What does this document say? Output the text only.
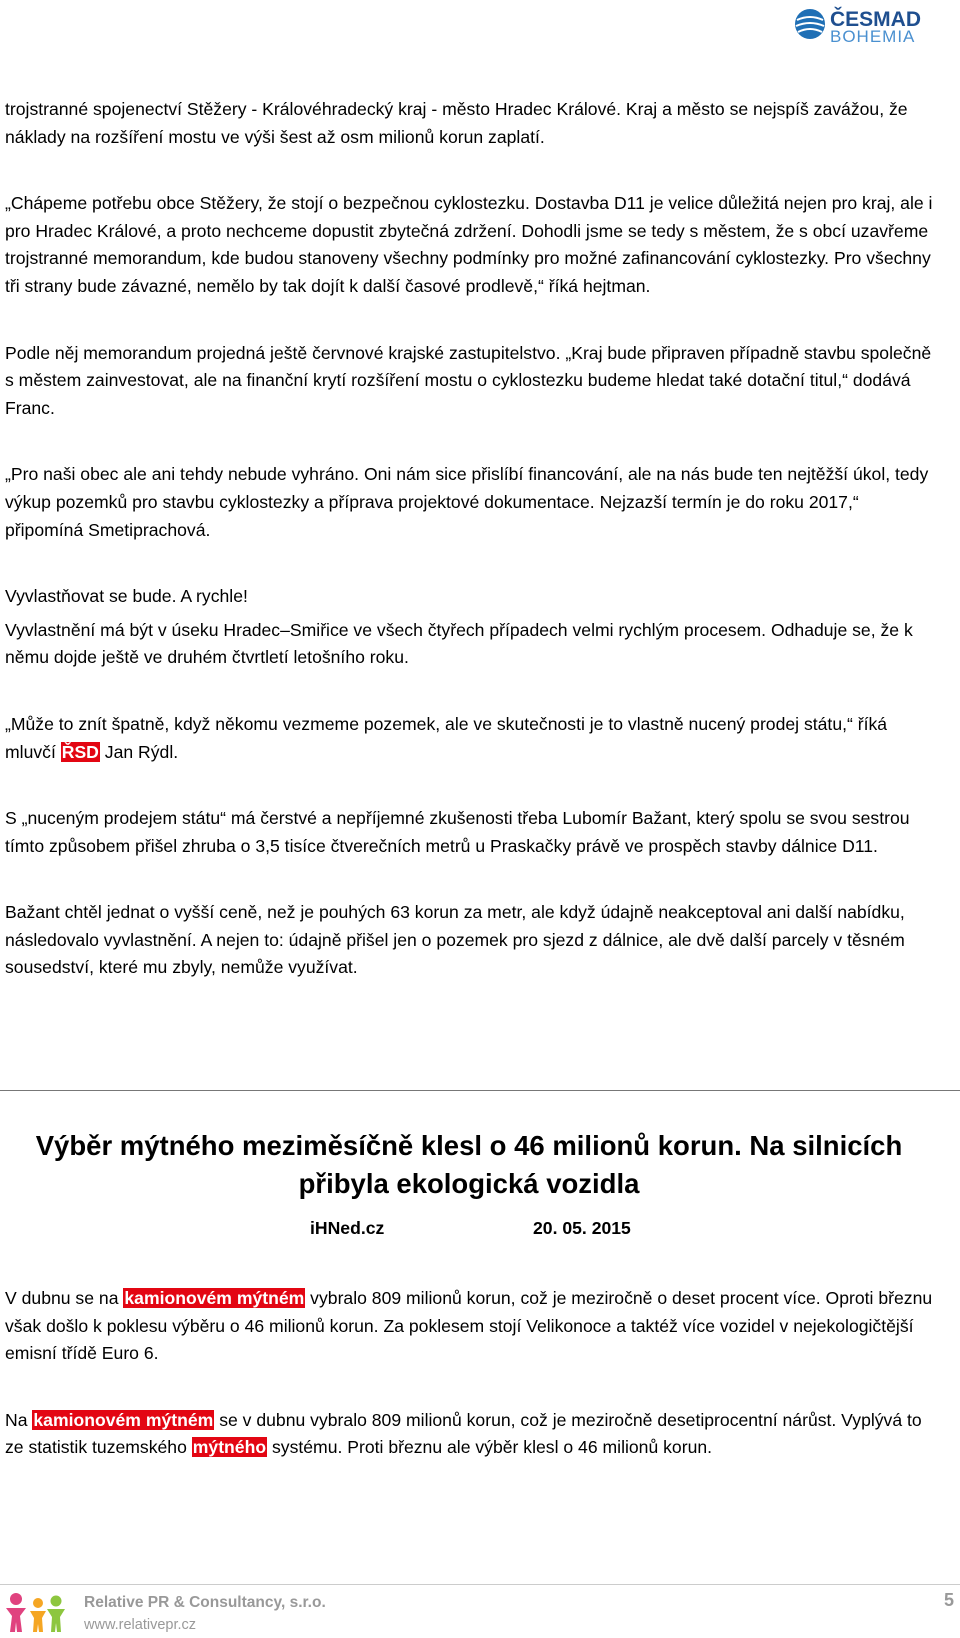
ČESMAD
BOHEMIA

trojstranné spojenectví Stěžery - Královéhradecký kraj - město Hradec Králové. Kraj a město se nejspíš zavážou, že náklady na rozšíření mostu ve výši šest až osm milionů korun zaplatí.

„Chápeme potřebu obce Stěžery, že stojí o bezpečnou cyklostezku. Dostavba D11 je velice důležitá nejen pro kraj, ale i pro Hradec Králové, a proto nechceme dopustit zbytečná zdržení. Dohodli jsme se tedy s městem, že s obcí uzavřeme trojstranné memorandum, kde budou stanoveny všechny podmínky pro možné zafinancování cyklostezky. Pro všechny tři strany bude závazné, nemělo by tak dojít k další časové prodlevě,“ říká hejtman.

Podle něj memorandum projedná ještě červnové krajské zastupitelstvo. „Kraj bude připraven případně stavbu společně s městem zainvestovat, ale na finanční krytí rozšíření mostu o cyklostezku budeme hledat také dotační titul,“ dodává Franc.

„Pro naši obec ale ani tehdy nebude vyhráno. Oni nám sice přislíbí financování, ale na nás bude ten nejtěžší úkol, tedy výkup pozemků pro stavbu cyklostezky a příprava projektové dokumentace. Nejzazší termín je do roku 2017,“ připomíná Smetiprachová.

Vyvlastňovat se bude. A rychle!

Vyvlastnění má být v úseku Hradec–Smiřice ve všech čtyřech případech velmi rychlým procesem. Odhaduje se, že k němu dojde ještě ve druhém čtvrtletí letošního roku.

„Může to znít špatně, když někomu vezmeme pozemek, ale ve skutečnosti je to vlastně nucený prodej státu,“ říká mluvčí ŘSD Jan Rýdl.

S „nuceným prodejem státu“ má čerstvé a nepříjemné zkušenosti třeba Lubomír Bažant, který spolu se svou sestrou tímto způsobem přišel zhruba o 3,5 tisíce čtverečních metrů u Praskačky právě ve prospěch stavby dálnice D11.

Bažant chtěl jednat o vyšší ceně, než je pouhých 63 korun za metr, ale když údajně neakceptoval ani další nabídku, následovalo vyvlastnění. A nejen to: údajně přišel jen o pozemek pro sjezd z dálnice, ale dvě další parcely v těsném sousedství, které mu zbyly, nemůže využívat.

Výběr mýtného meziměsíčně klesl o 46 milionů korun. Na silnicích přibyla ekologická vozidla
iHNed.cz	20. 05. 2015

V dubnu se na kamionovém mýtném vybralo 809 milionů korun, což je meziročně o deset procent více. Oproti březnu však došlo k poklesu výběru o 46 milionů korun. Za poklesem stojí Velikonoce a taktéž více vozidel v nejekologičtější emisní třídě Euro 6.

Na kamionovém mýtném se v dubnu vybralo 809 milionů korun, což je meziročně desetiprocentní nárůst. Vyplývá to ze statistik tuzemského mýtného systému. Proti březnu ale výběr klesl o 46 milionů korun.

Relative PR & Consultancy, s.r.o.
www.relativepr.cz
5
